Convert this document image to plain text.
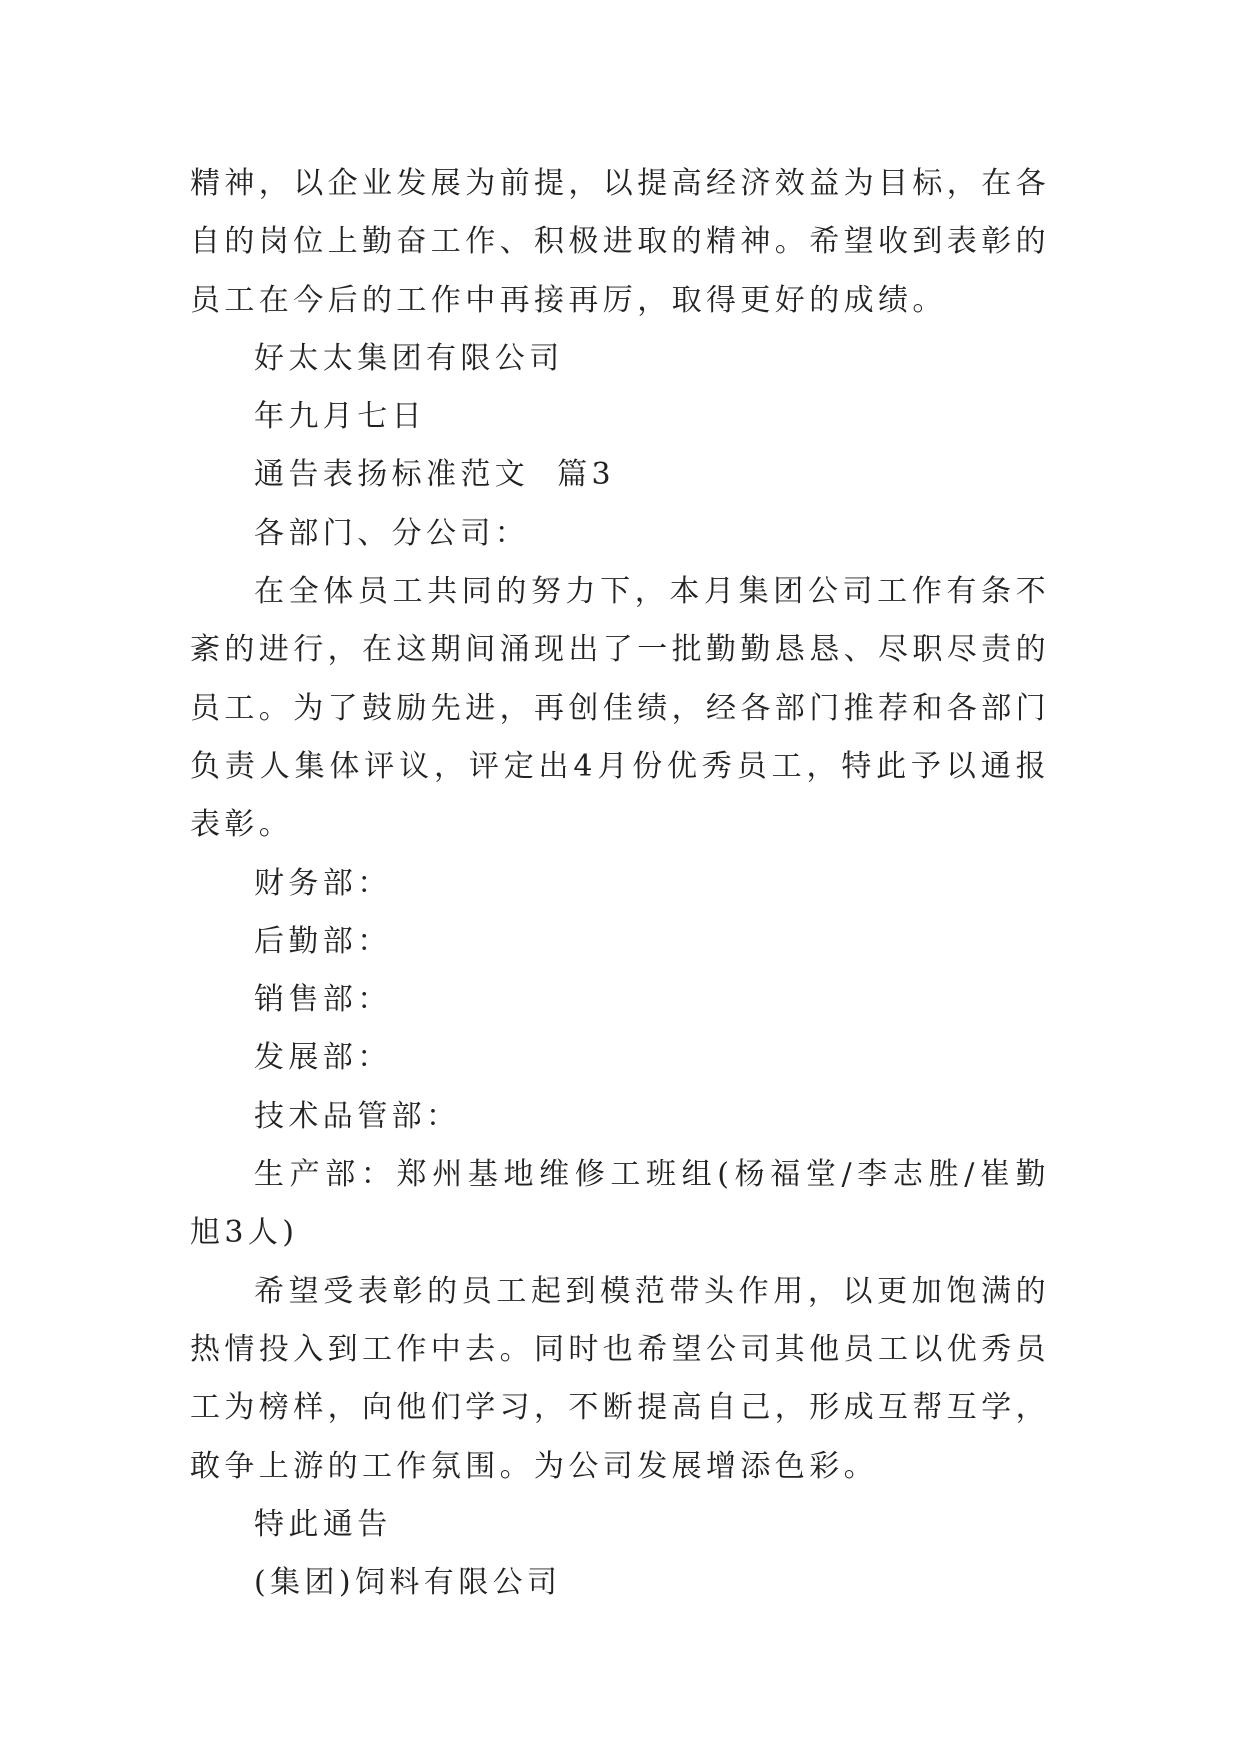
精神，以企业发展为前提，以提高经济效益为目标，在各自的岗位上勤奋工作、积极进取的精神。希望收到表彰的员工在今后的工作中再接再厉，取得更好的成绩。

好太太集团有限公司

年九月七日

通告表扬标准范文  篇3

各部门、分公司：

在全体员工共同的努力下，本月集团公司工作有条不紊的进行，在这期间涌现出了一批勤勤恳恳、尽职尽责的员工。为了鼓励先进，再创佳绩，经各部门推荐和各部门负责人集体评议，评定出4月份优秀员工，特此予以通报表彰。

财务部：

后勤部：

销售部：

发展部：

技术品管部：

生产部：郑州基地维修工班组(杨福堂/李志胜/崔勤旭3人)

希望受表彰的员工起到模范带头作用，以更加饱满的热情投入到工作中去。同时也希望公司其他员工以优秀员工为榜样，向他们学习，不断提高自己，形成互帮互学，敢争上游的工作氛围。为公司发展增添色彩。

特此通告

(集团)饲料有限公司
